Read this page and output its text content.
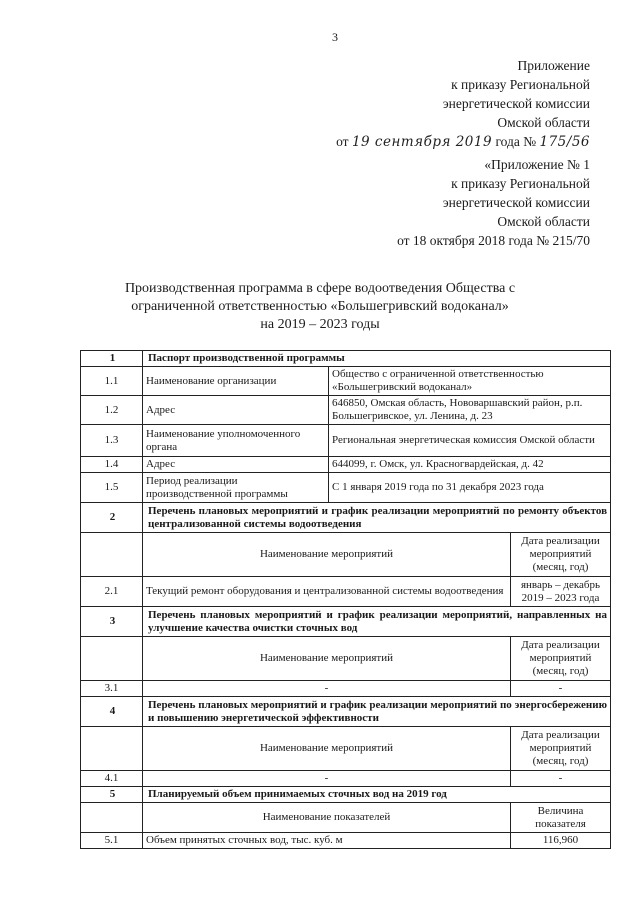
3
Приложение
к приказу Региональной
энергетической комиссии
Омской области
от 19 сентября 2019 года № 175/56
«Приложение № 1
к приказу Региональной
энергетической комиссии
Омской области
от 18 октября 2018 года № 215/70
Производственная программа в сфере водоотведения Общества с
ограниченной ответственностью «Большегривский водоканал»
на 2019 – 2023 годы
1	Паспорт производственной программы		
1.1	Наименование организации	Общество с ограниченной ответственностью «Большегривский водоканал»	
1.2	Адрес	646850, Омская область, Нововаршавский район, р.п. Большегривское, ул. Ленина, д. 23	
1.3	Наименование уполномоченного органа	Региональная энергетическая комиссия Омской области	
1.4	Адрес	644099, г. Омск, ул. Красногвардейская, д. 42	
1.5	Период реализации производственной программы	С 1 января 2019 года по 31 декабря 2023 года	
2	Перечень плановых мероприятий и график реализации мероприятий по ремонту объектов централизованной системы водоотведения		
	Наименование мероприятий		Дата реализации мероприятий (месяц, год)
2.1	Текущий ремонт оборудования и централизованной системы водоотведения		январь – декабрь 2019 – 2023 года
3	Перечень плановых мероприятий и график реализации мероприятий, направленных на улучшение качества очистки сточных вод		
	Наименование мероприятий		Дата реализации мероприятий (месяц, год)
3.1	-		-
4	Перечень плановых мероприятий и график реализации мероприятий по энергосбережению и повышению энергетической эффективности		
	Наименование мероприятий		Дата реализации мероприятий (месяц, год)
4.1	-		-
5	Планируемый объем принимаемых сточных вод на 2019 год		
	Наименование показателей		Величина показателя
5.1	Объем принятых сточных вод, тыс. куб. м		116,960
